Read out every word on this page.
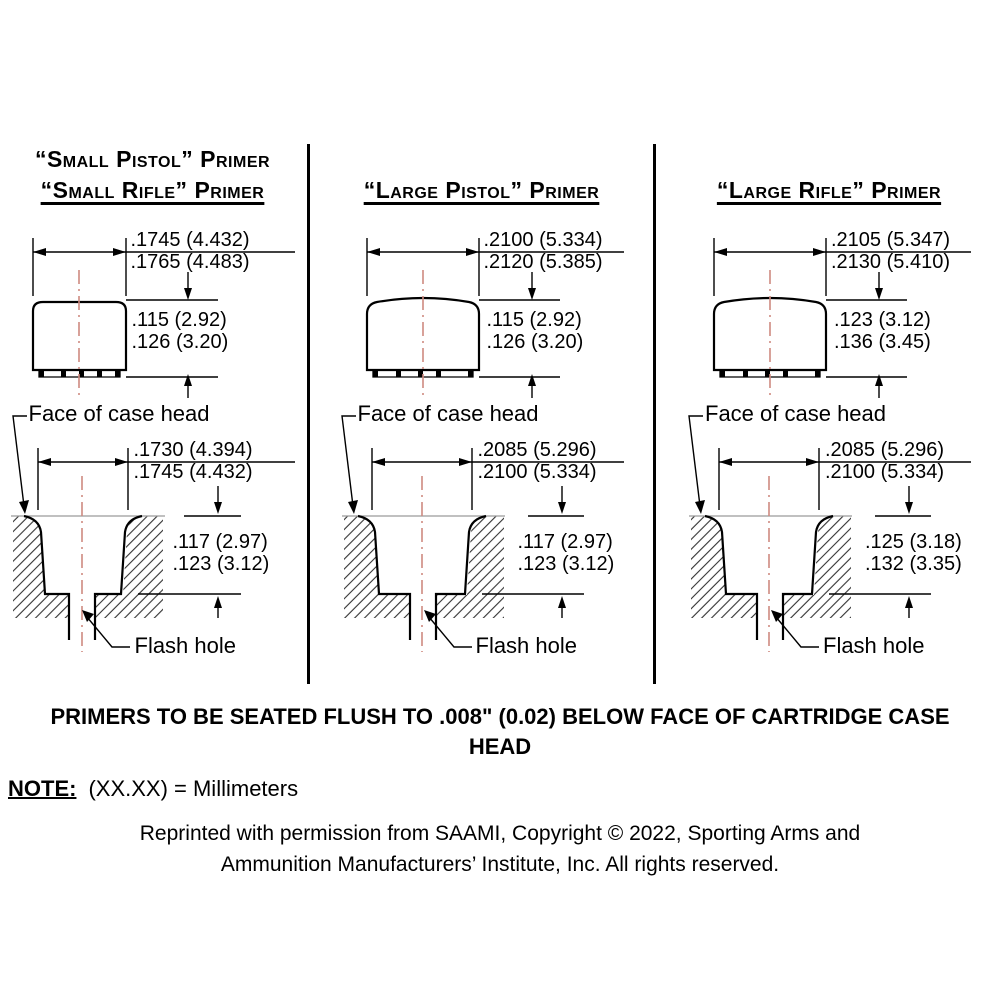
“Small Pistol” Primer
“Small Rifle” Primer
.1745 (4.432)
.1765 (4.483)
.115 (2.92)
.126 (3.20)
Face of case head
.1730 (4.394)
.1745 (4.432)
.117 (2.97)
.123 (3.12)
Flash hole
“Large Pistol” Primer
.2100 (5.334)
.2120 (5.385)
.115 (2.92)
.126 (3.20)
Face of case head
.2085 (5.296)
.2100 (5.334)
.117 (2.97)
.123 (3.12)
Flash hole
“Large Rifle” Primer
.2105 (5.347)
.2130 (5.410)
.123 (3.12)
.136 (3.45)
Face of case head
.2085 (5.296)
.2100 (5.334)
.125 (3.18)
.132 (3.35)
Flash hole
PRIMERS TO BE SEATED FLUSH TO .008" (0.02) BELOW FACE OF CARTRIDGE CASE HEAD
NOTE: (XX.XX) = Millimeters
Reprinted with permission from SAAMI, Copyright © 2022, Sporting Arms and Ammunition Manufacturers’ Institute, Inc. All rights reserved.
